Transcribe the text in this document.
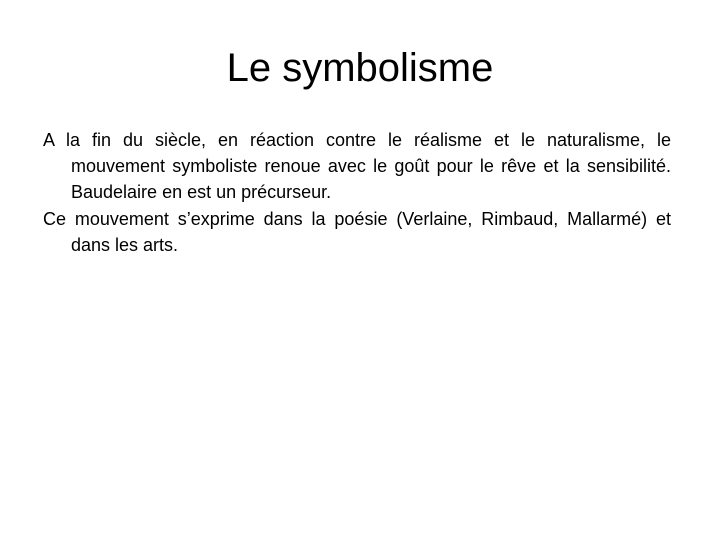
Le symbolisme
A la fin du siècle, en réaction contre le réalisme et le naturalisme, le mouvement symboliste renoue avec le goût pour le rêve et la sensibilité. Baudelaire en est un précurseur.
Ce mouvement s’exprime dans la poésie (Verlaine, Rimbaud, Mallarmé) et dans les arts.
